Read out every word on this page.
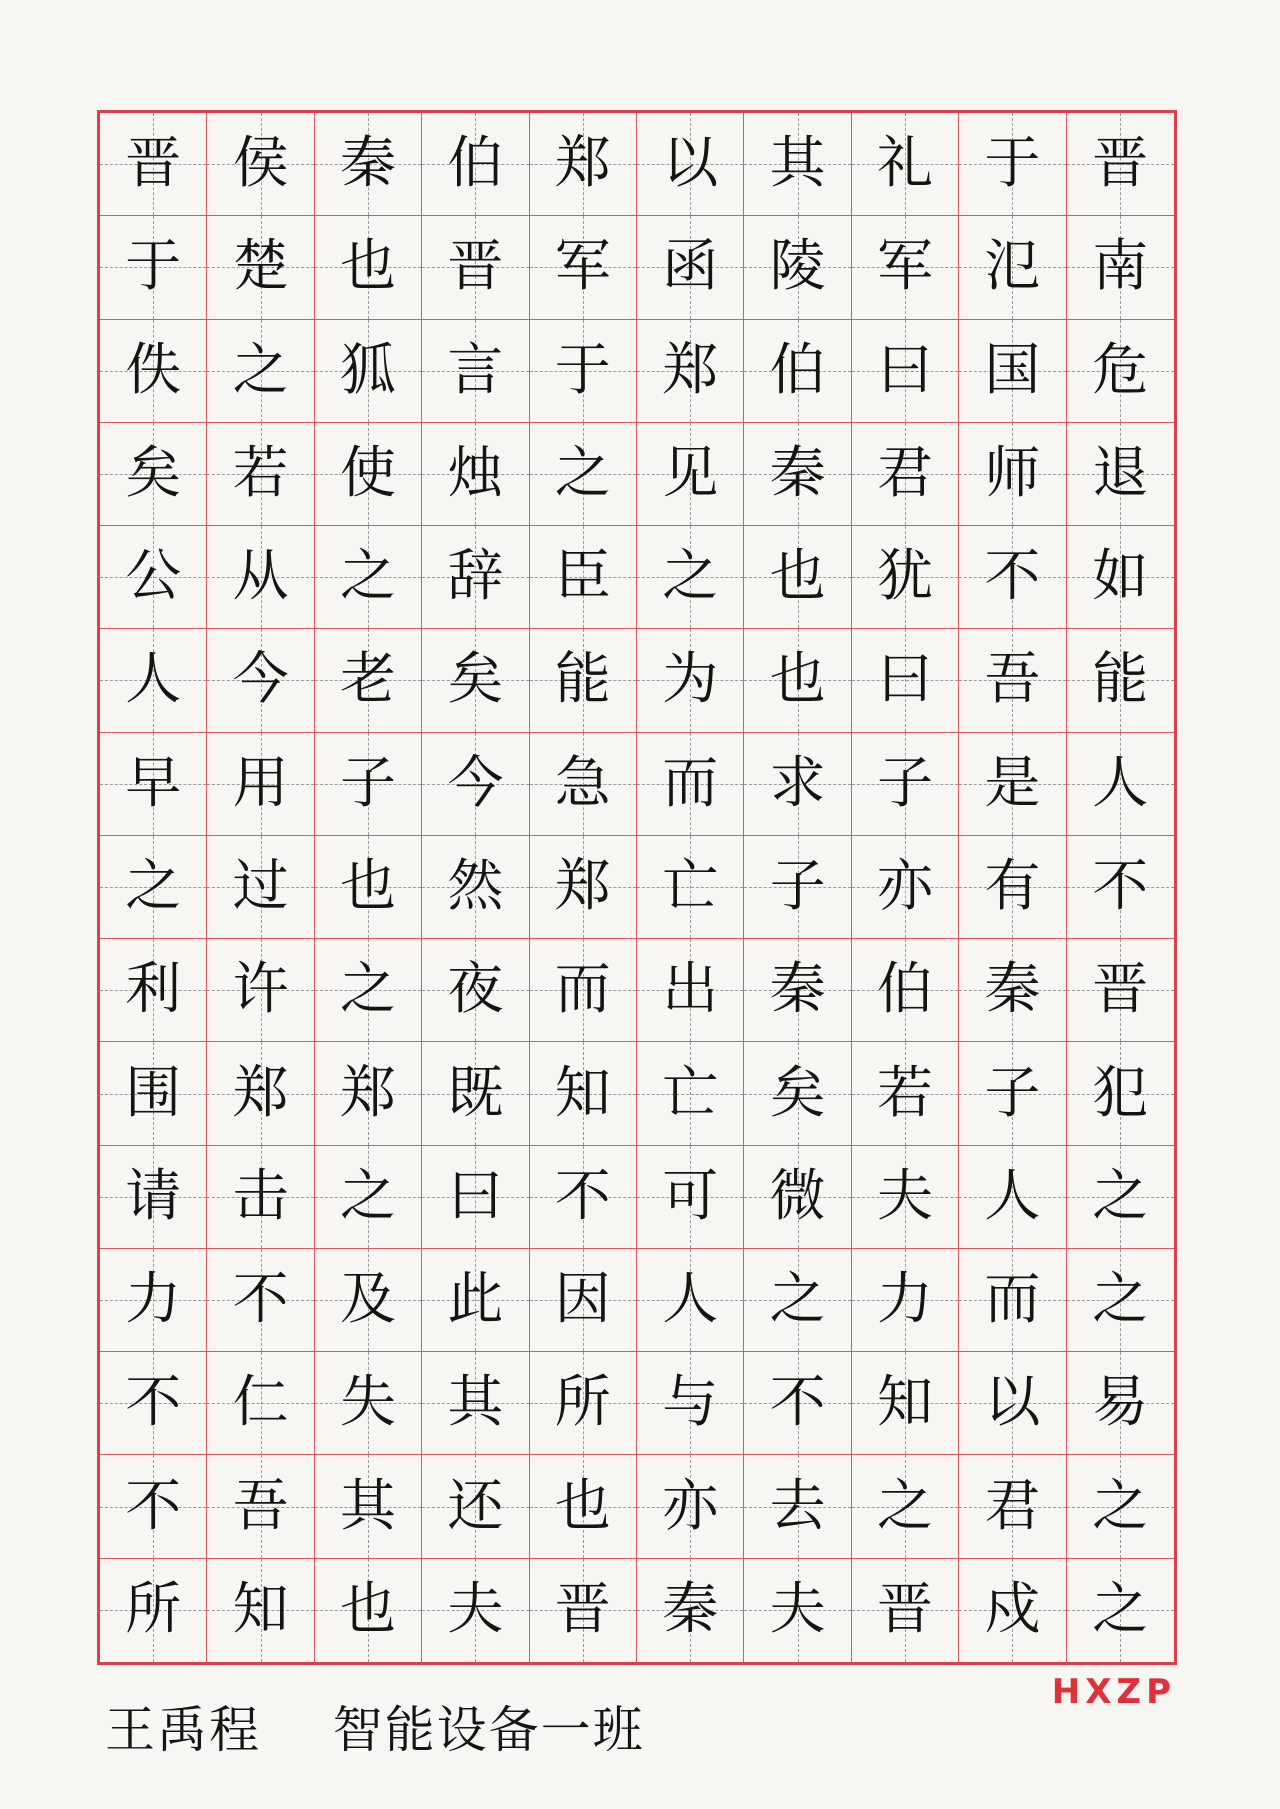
晋 侯 秦 伯 郑 以 其 礼 于 晋
于 楚 也 晋 军 函 陵 军 氾 南
佚 之 狐 言 于 郑 伯 曰 国 危
矣 若 使 烛 之 见 秦 君 师 退
公 从 之 辞 臣 之 也 犹 不 如
人 今 老 矣 能 为 也 曰 吾 能
早 用 子 今 急 而 求 子 是 人
之 过 也 然 郑 亡 子 亦 有 不
利 许 之 夜 而 出 秦 伯 秦 晋
围 郑 郑 既 知 亡 矣 若 子 犯
请 击 之 曰 不 可 微 夫 人 之
力 不 及 此 因 人 之 力 而 之
不 仁 失 其 所 与 不 知 以 易
不 吾 其 还 也 亦 去 之 君 之
所 知 也 夫 晋 秦 夫 晋 戍 之
王禹程 智能设备一班
HXZP
